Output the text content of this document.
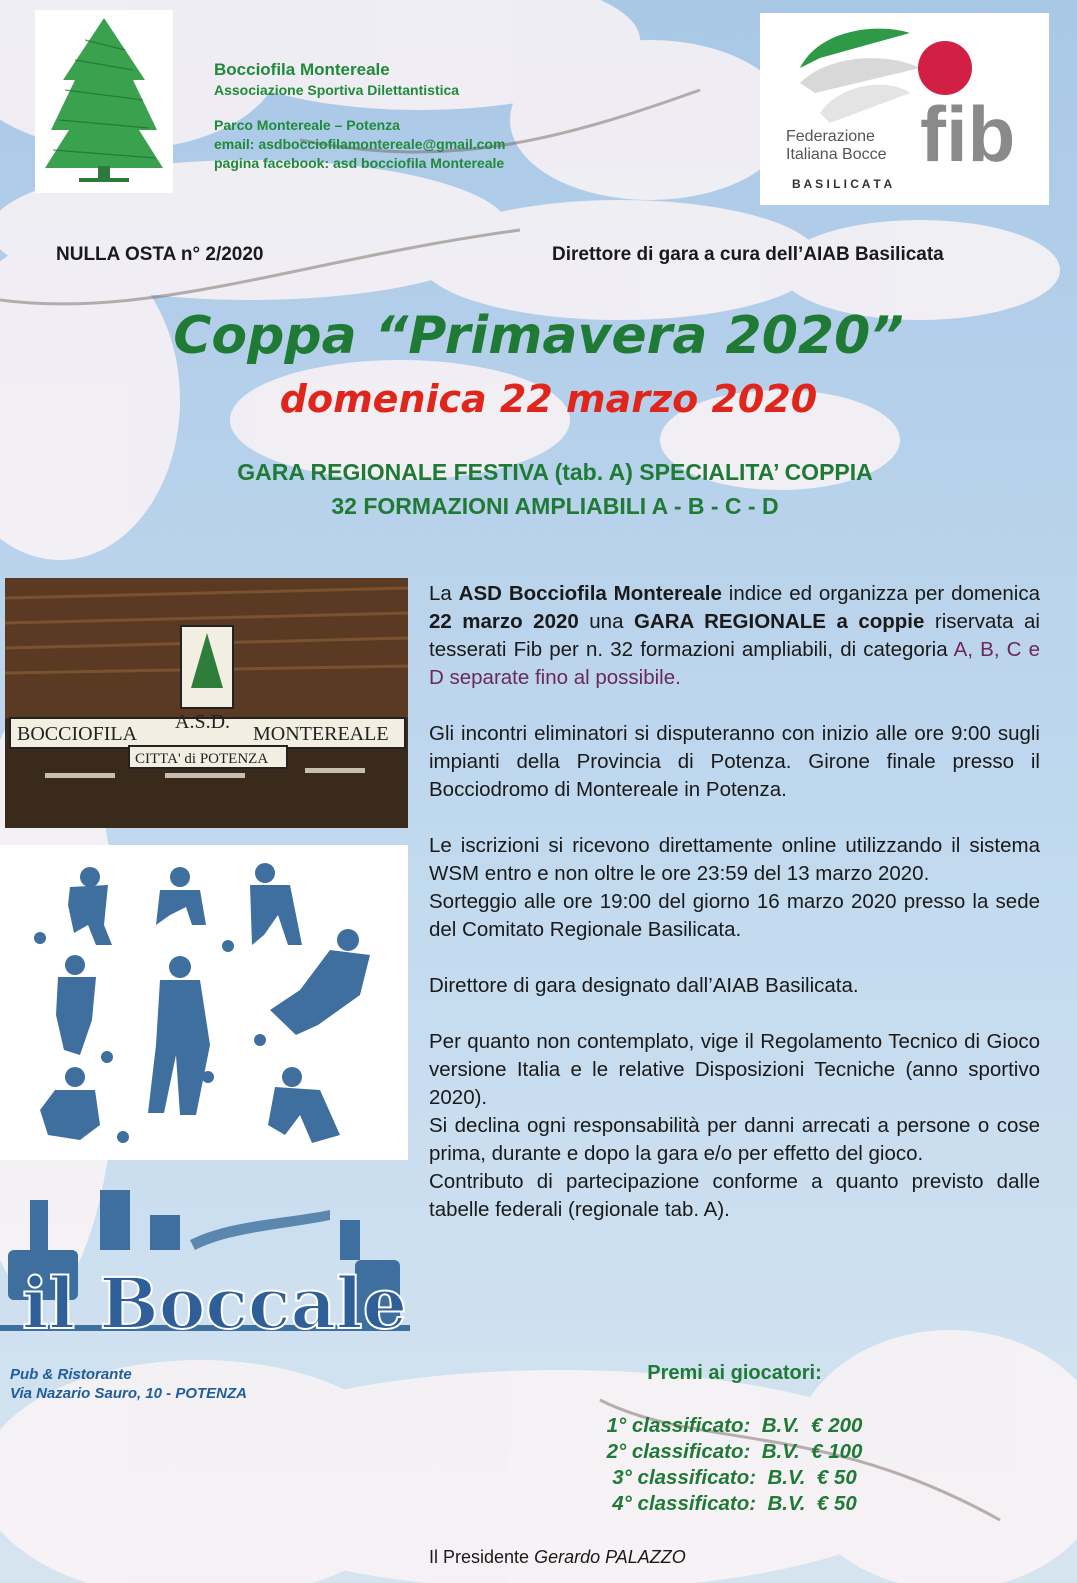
Bocciofila Montereale
Associazione Sportiva Dilettantistica
Parco Montereale – Potenza
email: asdbocciofilamontereale@gmail.com
pagina facebook: asd bocciofila Montereale	fib
Federazione
Italiana Bocce
B A S I L I C A T A
NULLA OSTA n° 2/2020	Direttore di gara a cura dell’AIAB Basilicata
Coppa “Primavera 2020”
domenica 22 marzo 2020
GARA REGIONALE FESTIVA (tab. A) SPECIALITA’ COPPIA
32 FORMAZIONI AMPLIABILI A - B - C - D
BOCCIOFILA
A.S.D.
MONTEREALE
CITTA' di POTENZA
il Boccale
Pub & Ristorante
Via Nazario Sauro, 10 - POTENZA

La ASD Bocciofila Montereale indice ed organizza per domenica 22 marzo 2020 una GARA REGIONALE a coppie riservata ai tesserati Fib per n. 32 formazioni ampliabili, di categoria A, B, C e D separate fino al possibile.

Gli incontri eliminatori si disputeranno con inizio alle ore 9:00 sugli impianti della Provincia di Potenza. Girone finale presso il Bocciodromo di Montereale in Potenza.

Le iscrizioni si ricevono direttamente online utilizzando il sistema WSM entro e non oltre le ore 23:59 del 13 marzo 2020.

Sorteggio alle ore 19:00 del giorno 16 marzo 2020 presso la sede del Comitato Regionale Basilicata.

Direttore di gara designato dall’AIAB Basilicata.

Per quanto non contemplato, vige il Regolamento Tecnico di Gioco versione Italia e le relative Disposizioni Tecniche (anno sportivo 2020).

Si declina ogni responsabilità per danni arrecati a persone o cose prima, durante e dopo la gara e/o per effetto del gioco.

Contributo di partecipazione conforme a quanto previsto dalle tabelle federali (regionale tab. A).

Premi ai giocatori:
1° classificato:  B.V.  € 200
2° classificato:  B.V.  € 100
3° classificato:  B.V.  € 50
4° classificato:  B.V.  € 50
Il Presidente Gerardo PALAZZO
